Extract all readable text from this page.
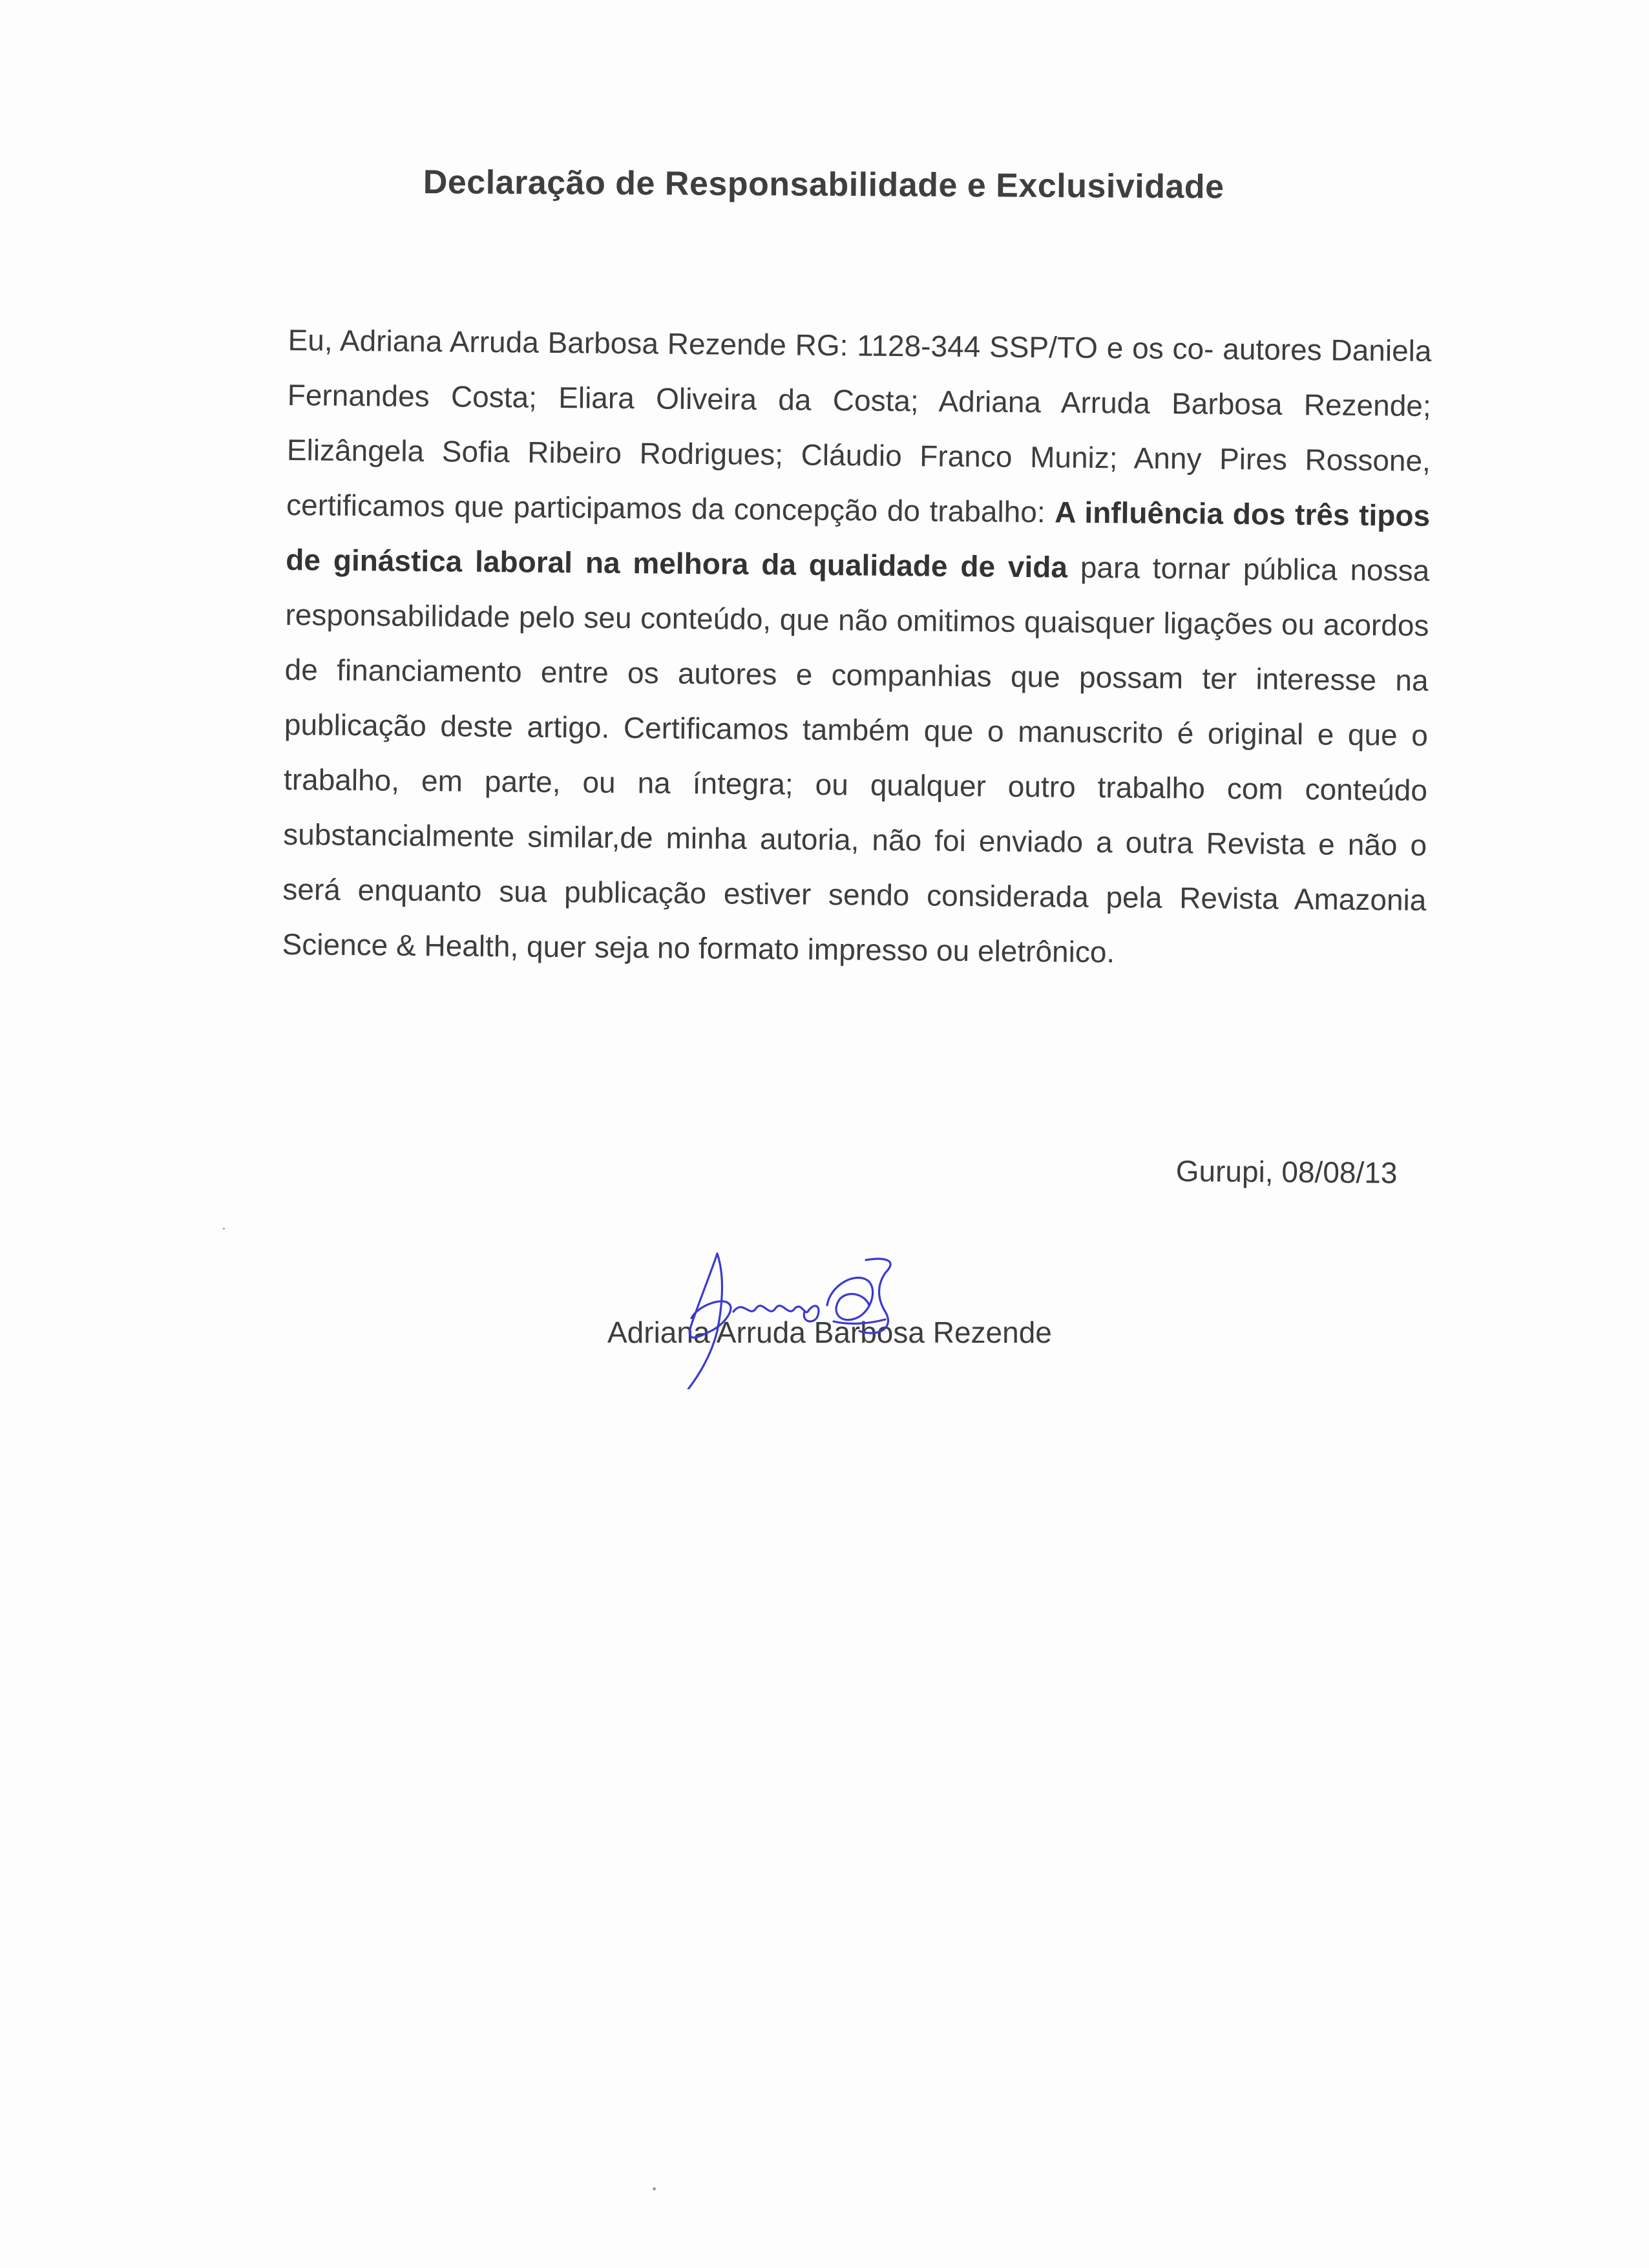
Declaração de Responsabilidade e Exclusividade
Eu, Adriana Arruda Barbosa Rezende RG: 1128-344 SSP/TO e os co- autores Daniela Fernandes Costa; Eliara Oliveira da Costa; Adriana Arruda Barbosa Rezende; Elizângela Sofia Ribeiro Rodrigues; Cláudio Franco Muniz; Anny Pires Rossone, certificamos que participamos da concepção do trabalho: A influência dos três tipos de ginástica laboral na melhora da qualidade de vida para tornar pública nossa responsabilidade pelo seu conteúdo, que não omitimos quaisquer ligações ou acordos de financiamento entre os autores e companhias que possam ter interesse na publicação deste artigo. Certificamos também que o manuscrito é original e que o trabalho, em parte, ou na íntegra; ou qualquer outro trabalho com conteúdo substancialmente similar,de minha autoria, não foi enviado a outra Revista e não o será enquanto sua publicação estiver sendo considerada pela Revista Amazonia Science & Health, quer seja no formato impresso ou eletrônico.
Gurupi, 08/08/13
Adriana Arruda Barbosa Rezende
